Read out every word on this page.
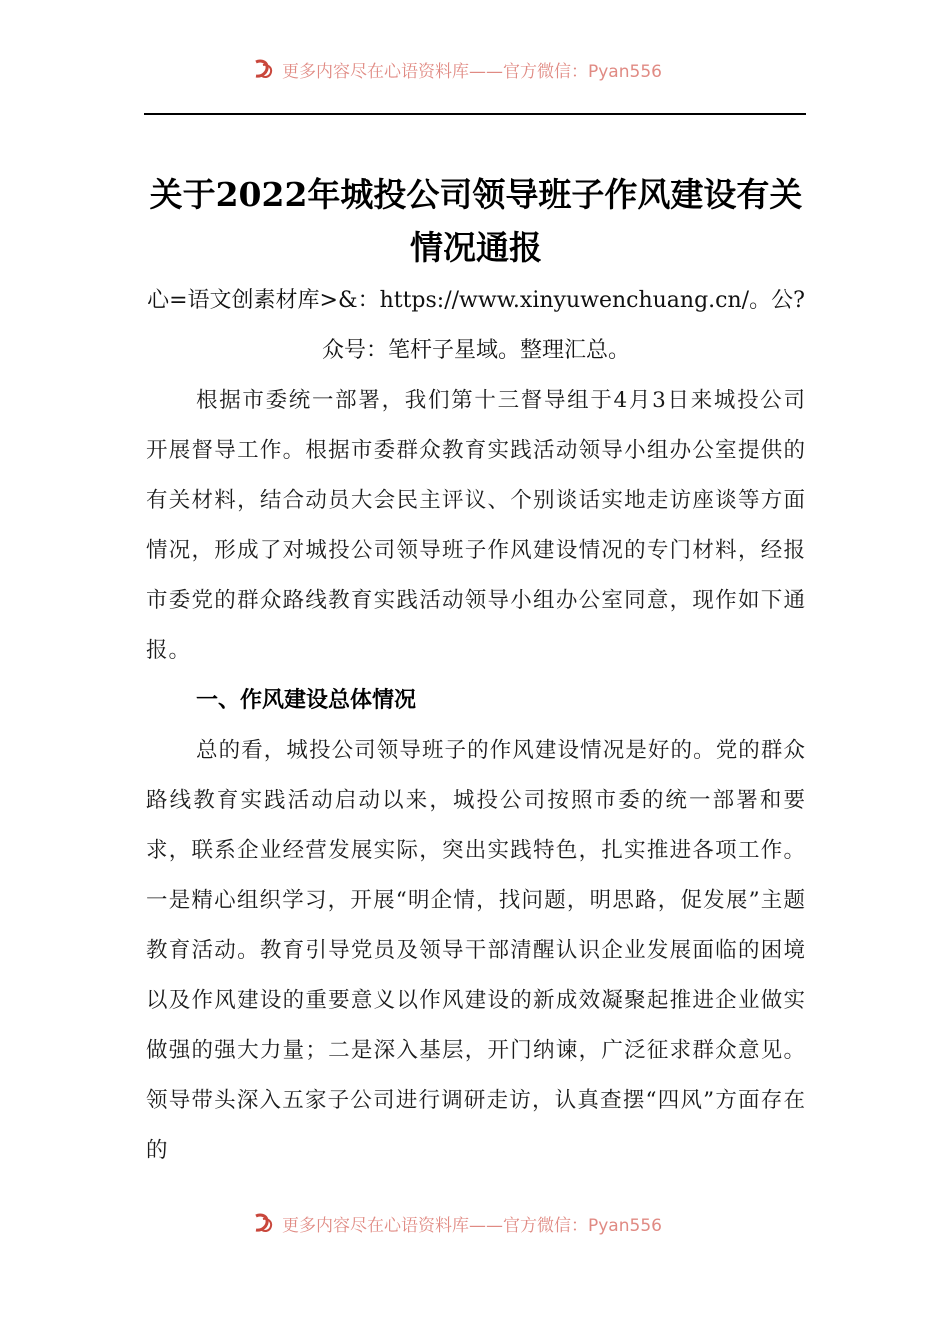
更多内容尽在心语资料库——官方微信：Pyan556
关于2022年城投公司领导班子作风建设有关情况通报

心=语文创素材库>&：https://www.xinyuwenchuang.cn/。公?众号：笔杆子星域。整理汇总。

根据市委统一部署，我们第十三督导组于4月3日来城投公司开展督导工作。根据市委群众教育实践活动领导小组办公室提供的有关材料，结合动员大会民主评议、个别谈话实地走访座谈等方面情况，形成了对城投公司领导班子作风建设情况的专门材料，经报市委党的群众路线教育实践活动领导小组办公室同意，现作如下通报。

一、作风建设总体情况

总的看，城投公司领导班子的作风建设情况是好的。党的群众路线教育实践活动启动以来，城投公司按照市委的统一部署和要求，联系企业经营发展实际，突出实践特色，扎实推进各项工作。一是精心组织学习，开展“明企情，找问题，明思路，促发展”主题教育活动。教育引导党员及领导干部清醒认识企业发展面临的困境以及作风建设的重要意义以作风建设的新成效凝聚起推进企业做实做强的强大力量；二是深入基层，开门纳谏，广泛征求群众意见。领导带头深入五家子公司进行调研走访，认真查摆“四风”方面存在的

更多内容尽在心语资料库——官方微信：Pyan556
